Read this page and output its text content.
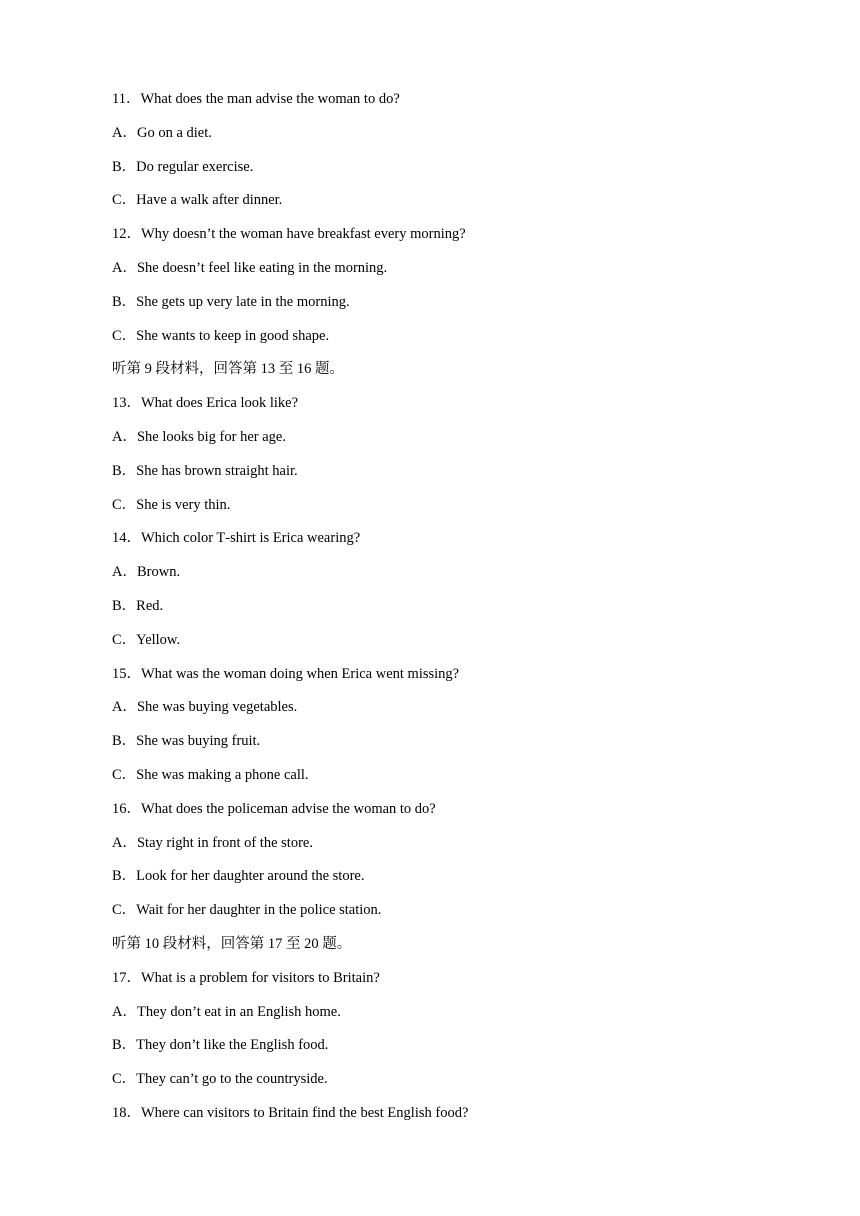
11．What does the man advise the woman to do?
A．Go on a diet.
B．Do regular exercise.
C．Have a walk after dinner.
12．Why doesn’t the woman have breakfast every morning?
A．She doesn’t feel like eating in the morning.
B．She gets up very late in the morning.
C．She wants to keep in good shape.
听第 9 段材料，回答第 13 至 16 题。
13．What does Erica look like?
A．She looks big for her age.
B．She has brown straight hair.
C．She is very thin.
14．Which color T‑shirt is Erica wearing?
A．Brown.
B．Red.
C．Yellow.
15．What was the woman doing when Erica went missing?
A．She was buying vegetables.
B．She was buying fruit.
C．She was making a phone call.
16．What does the policeman advise the woman to do?
A．Stay right in front of the store.
B．Look for her daughter around the store.
C．Wait for her daughter in the police station.
听第 10 段材料，回答第 17 至 20 题。
17．What is a problem for visitors to Britain?
A．They don’t eat in an English home.
B．They don’t like the English food.
C．They can’t go to the countryside.
18．Where can visitors to Britain find the best English food?
